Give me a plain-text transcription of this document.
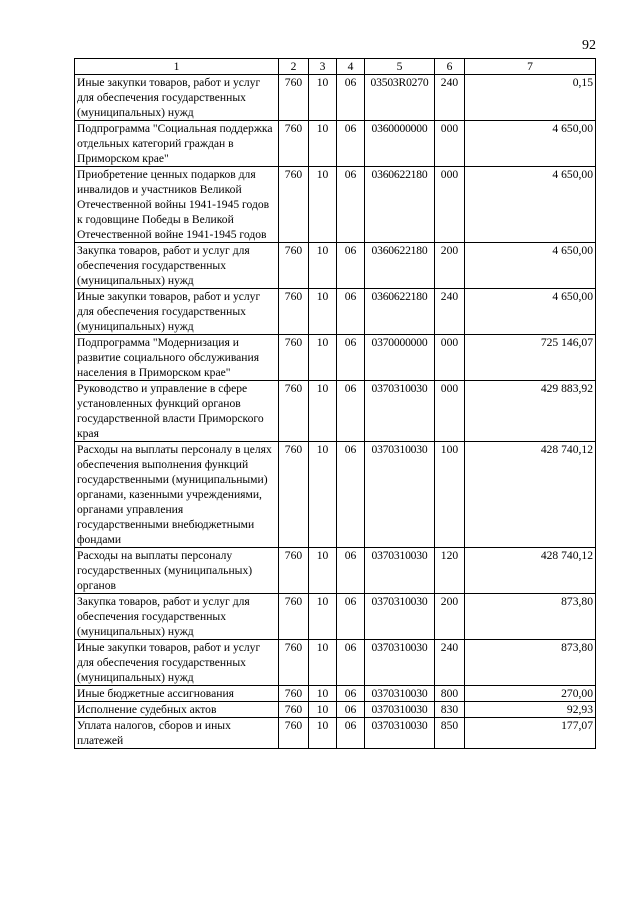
92
1	2	3	4	5	6	7
Иные закупки товаров, работ и услуг для обеспечения государственных (муниципальных) нужд	760	10	06	03503R0270	240	0,15
Подпрограмма "Социальная поддержка отдельных категорий граждан в Приморском крае"	760	10	06	0360000000	000	4 650,00
Приобретение ценных подарков для инвалидов и участников Великой Отечественной войны 1941-1945 годов к годовщине Победы в Великой Отечественной войне 1941-1945 годов	760	10	06	0360622180	000	4 650,00
Закупка товаров, работ и услуг для обеспечения государственных (муниципальных) нужд	760	10	06	0360622180	200	4 650,00
Иные закупки товаров, работ и услуг для обеспечения государственных (муниципальных) нужд	760	10	06	0360622180	240	4 650,00
Подпрограмма "Модернизация и развитие социального обслуживания населения в Приморском крае"	760	10	06	0370000000	000	725 146,07
Руководство и управление в сфере установленных функций органов государственной власти Приморского края	760	10	06	0370310030	000	429 883,92
Расходы на выплаты персоналу в целях обеспечения выполнения функций государственными (муниципальными) органами, казенными учреждениями, органами управления государственными внебюджетными фондами	760	10	06	0370310030	100	428 740,12
Расходы на выплаты персоналу государственных (муниципальных) органов	760	10	06	0370310030	120	428 740,12
Закупка товаров, работ и услуг для обеспечения государственных (муниципальных) нужд	760	10	06	0370310030	200	873,80
Иные закупки товаров, работ и услуг для обеспечения государственных (муниципальных) нужд	760	10	06	0370310030	240	873,80
Иные бюджетные ассигнования	760	10	06	0370310030	800	270,00
Исполнение судебных актов	760	10	06	0370310030	830	92,93
Уплата налогов, сборов и иных платежей	760	10	06	0370310030	850	177,07
